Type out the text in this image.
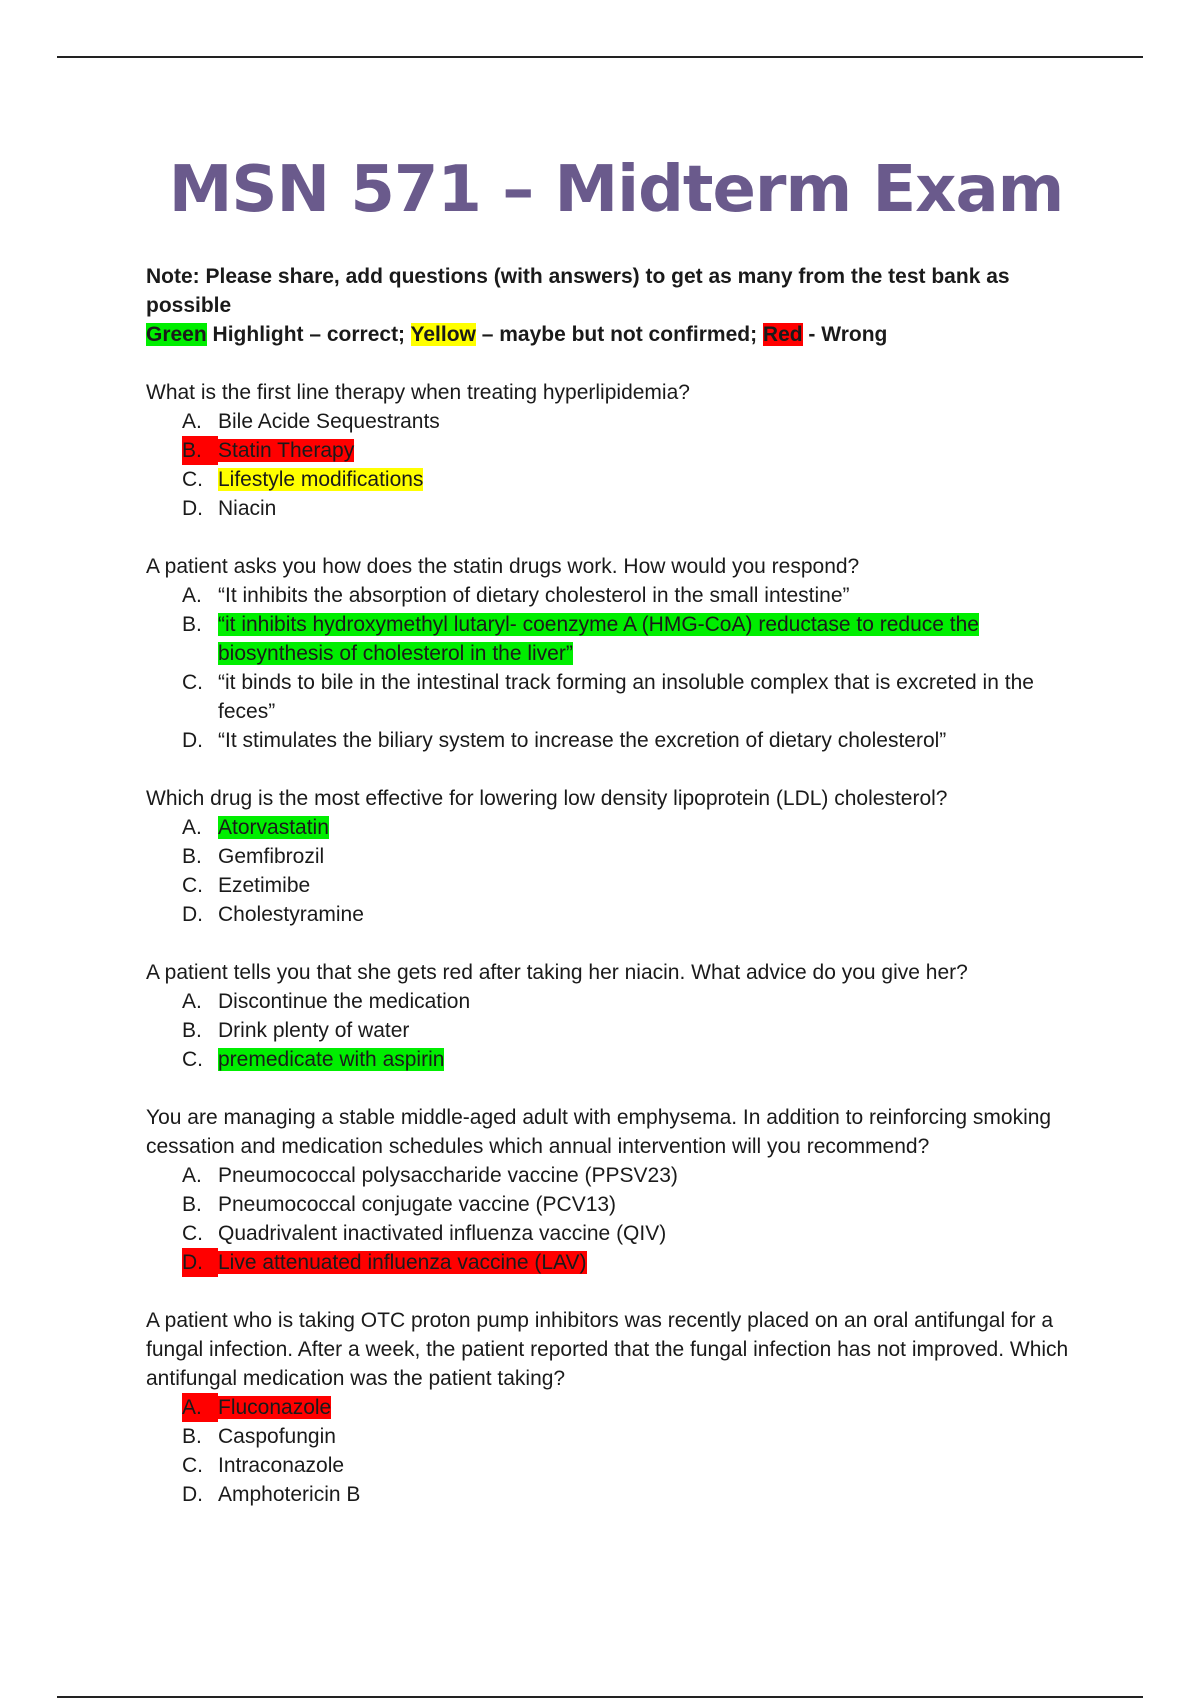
MSN 571 – Midterm Exam
Note: Please share, add questions (with answers) to get as many from the test bank as possible
Green Highlight – correct; Yellow – maybe but not confirmed; Red - Wrong
What is the first line therapy when treating hyperlipidemia?
A. Bile Acide Sequestrants
B. Statin Therapy
C. Lifestyle modifications
D. Niacin
A patient asks you how does the statin drugs work. How would you respond?
A. “It inhibits the absorption of dietary cholesterol in the small intestine”
B. “it inhibits hydroxymethyl lutaryl- coenzyme A (HMG-CoA) reductase to reduce the biosynthesis of cholesterol in the liver”
C. “it binds to bile in the intestinal track forming an insoluble complex that is excreted in the feces”
D. “It stimulates the biliary system to increase the excretion of dietary cholesterol”
Which drug is the most effective for lowering low density lipoprotein (LDL) cholesterol?
A. Atorvastatin
B. Gemfibrozil
C. Ezetimibe
D. Cholestyramine
A patient tells you that she gets red after taking her niacin. What advice do you give her?
A. Discontinue the medication
B. Drink plenty of water
C. premedicate with aspirin
You are managing a stable middle-aged adult with emphysema. In addition to reinforcing smoking cessation and medication schedules which annual intervention will you recommend?
A. Pneumococcal polysaccharide vaccine (PPSV23)
B. Pneumococcal conjugate vaccine (PCV13)
C. Quadrivalent inactivated influenza vaccine (QIV)
D. Live attenuated influenza vaccine (LAV)
A patient who is taking OTC proton pump inhibitors was recently placed on an oral antifungal for a fungal infection. After a week, the patient reported that the fungal infection has not improved. Which antifungal medication was the patient taking?
A. Fluconazole
B. Caspofungin
C. Intraconazole
D. Amphotericin B
